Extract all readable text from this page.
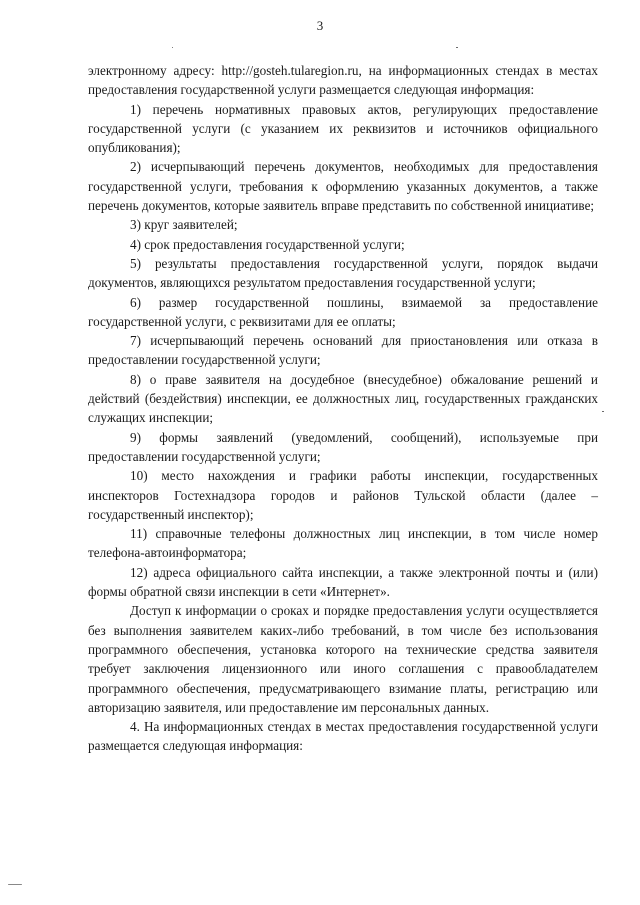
3

электронному адресу: http://gosteh.tularegion.ru, на информационных стендах в местах предоставления государственной услуги размещается следующая информация:

1) перечень нормативных правовых актов, регулирующих предоставление государственной услуги (с указанием их реквизитов и источников официального опубликования);

2) исчерпывающий перечень документов, необходимых для предоставления государственной услуги, требования к оформлению указанных документов, а также перечень документов, которые заявитель вправе представить по собственной инициативе;

3) круг заявителей;

4) срок предоставления государственной услуги;

5) результаты предоставления государственной услуги, порядок выдачи документов, являющихся результатом предоставления государственной услуги;

6) размер государственной пошлины, взимаемой за предоставление государственной услуги, с реквизитами для ее оплаты;

7) исчерпывающий перечень оснований для приостановления или отказа в предоставлении государственной услуги;

8) о праве заявителя на досудебное (внесудебное) обжалование решений и действий (бездействия) инспекции, ее должностных лиц, государственных гражданских служащих инспекции;

9) формы заявлений (уведомлений, сообщений), используемые при предоставлении государственной услуги;

10) место нахождения и графики работы инспекции, государственных инспекторов Гостехнадзора городов и районов Тульской области (далее – государственный инспектор);

11) справочные телефоны должностных лиц инспекции, в том числе номер телефона-автоинформатора;

12) адреса официального сайта инспекции, а также электронной почты и (или) формы обратной связи инспекции в сети «Интернет».

Доступ к информации о сроках и порядке предоставления услуги осуществляется без выполнения заявителем каких-либо требований, в том числе без использования программного обеспечения, установка которого на технические средства заявителя требует заключения лицензионного или иного соглашения с правообладателем программного обеспечения, предусматривающего взимание платы, регистрацию или авторизацию заявителя, или предоставление им персональных данных.

4. На информационных стендах в местах предоставления государственной услуги размещается следующая информация:
